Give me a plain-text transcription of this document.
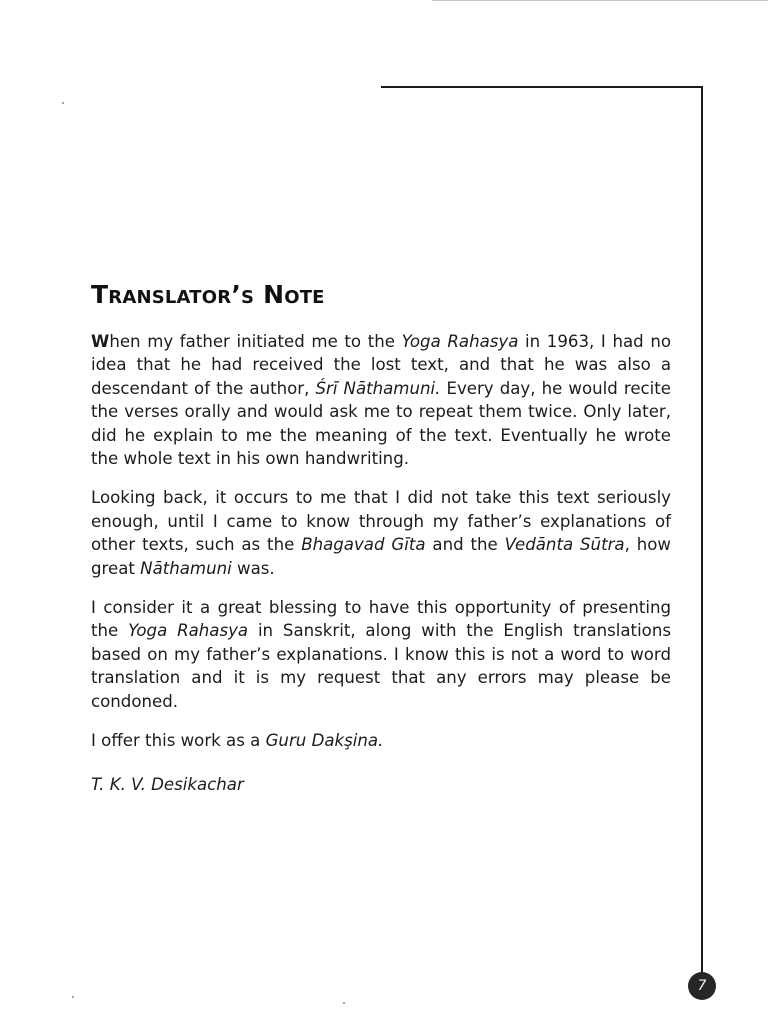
Translator’s Note

When my father initiated me to the Yoga Rahasya in 1963, I had no idea that he had received the lost text, and that he was also a descendant of the author, Śrī Nāthamuni. Every day, he would recite the verses orally and would ask me to repeat them twice. Only later, did he explain to me the meaning of the text. Eventually he wrote the whole text in his own handwriting.

Looking back, it occurs to me that I did not take this text seriously enough, until I came to know through my father’s explanations of other texts, such as the Bhagavad Gīta and the Vedānta Sūtra, how great Nāthamuni was.

I consider it a great blessing to have this opportunity of presenting the Yoga Rahasya in Sanskrit, along with the English translations based on my father’s explanations. I know this is not a word to word translation and it is my request that any errors may please be condoned.

I offer this work as a Guru Dakşina.

T. K. V. Desikachar

7
